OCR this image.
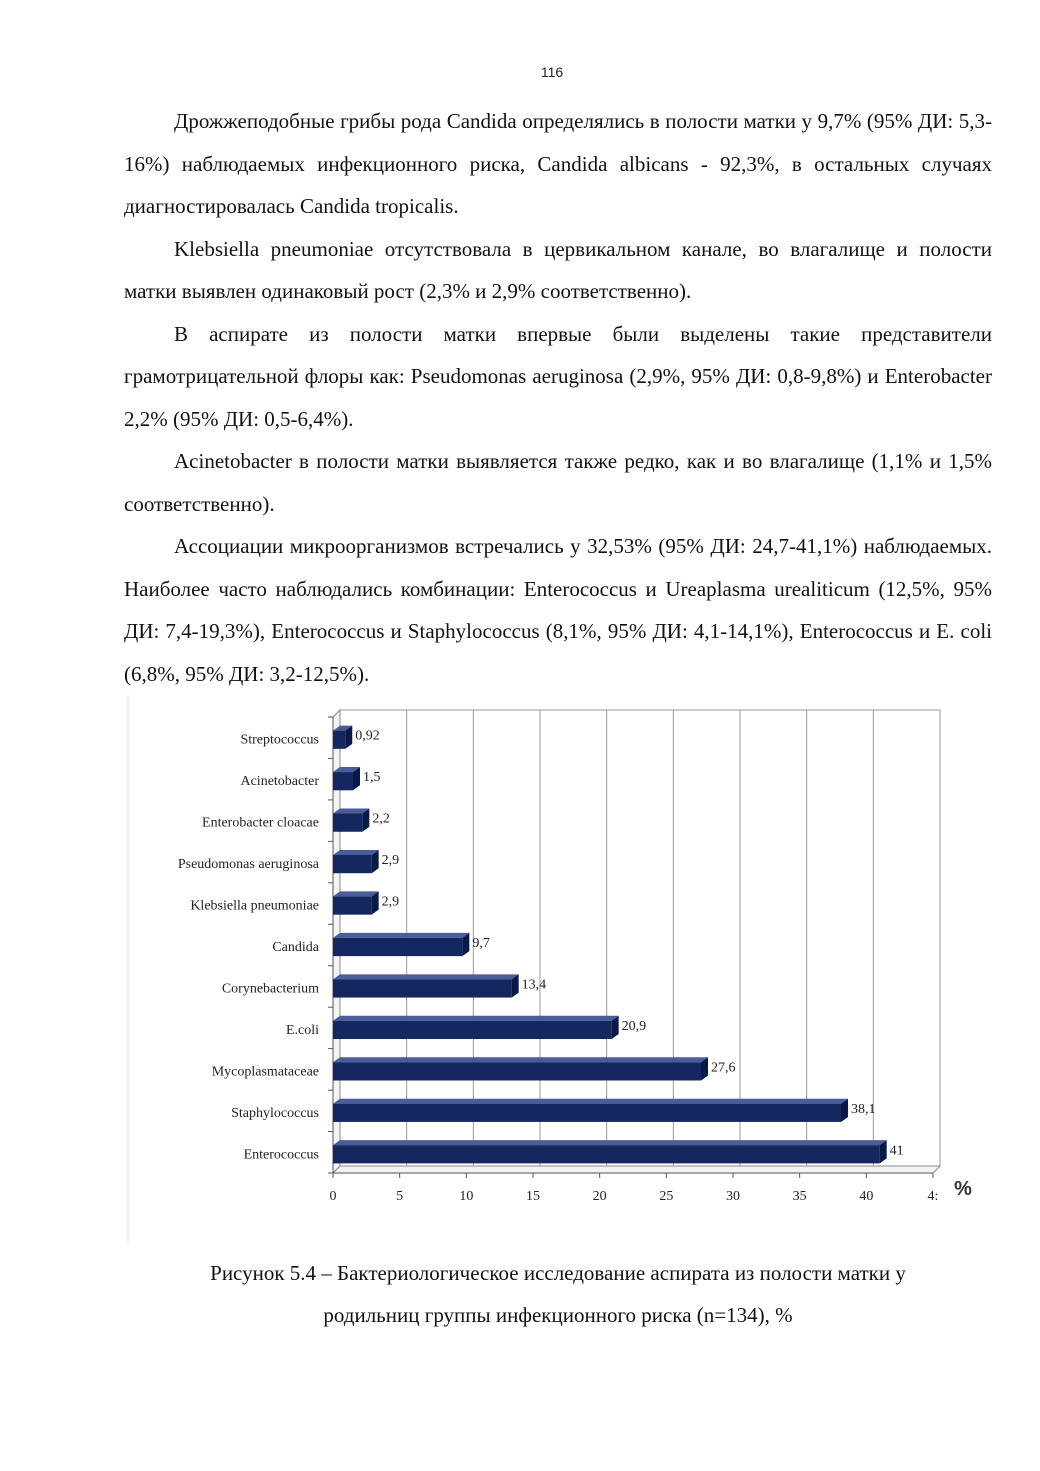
116

Дрожжеподобные грибы рода Candida определялись в полости матки у 9,7% (95% ДИ: 5,3-16%) наблюдаемых инфекционного риска, Candida albicans - 92,3%, в остальных случаях диагностировалась Candida tropicalis.

Klebsiella pneumoniae отсутствовала в цервикальном канале, во влагалище и полости матки выявлен одинаковый рост (2,3% и 2,9% соответственно).

В аспирате из полости матки впервые были выделены такие представители грамотрицательной флоры как: Pseudomonas aeruginosa (2,9%, 95% ДИ: 0,8-9,8%) и Enterobacter 2,2% (95% ДИ: 0,5-6,4%).

Acinetobacter в полости матки выявляется также редко, как и во влагалище (1,1% и 1,5% соответственно).

Ассоциации микроорганизмов встречались у 32,53% (95% ДИ: 24,7-41,1%) наблюдаемых. Наиболее часто наблюдались комбинации: Enterococcus и Ureaplasma urealiticum (12,5%, 95% ДИ: 7,4-19,3%), Enterococcus и Staphylococcus (8,1%, 95% ДИ: 4,1-14,1%), Enterococcus и E. coli (6,8%, 95% ДИ: 3,2-12,5%).

0	5	10	15	20	25	30	35	40	4:
Streptococcus	0,92
Acinetobacter	1,5
Enterobacter cloacae	2,2
Pseudomonas aeruginosa	2,9
Klebsiella pneumoniae	2,9
Candida	9,7
Corynebacterium	13,4
E.coli	20,9
Mycoplasmataceae	27,6
Staphylococcus	38,1
Enterococcus	41
%
Рисунок 5.4 – Бактериологическое исследование аспирата из полости матки у
родильниц группы инфекционного риска (n=134), %
